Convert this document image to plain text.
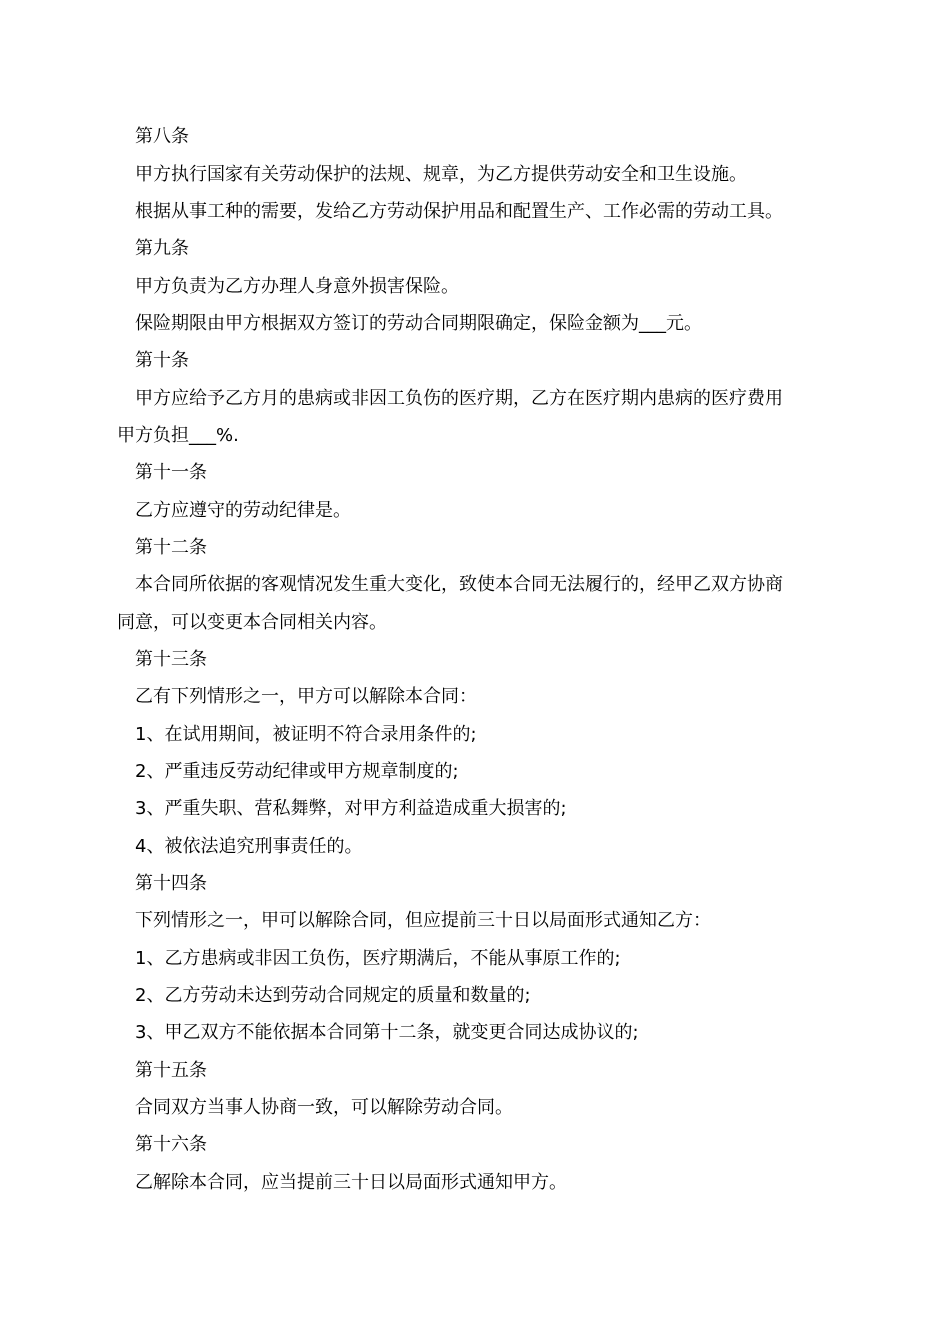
第八条
甲方执行国家有关劳动保护的法规、规章，为乙方提供劳动安全和卫生设施。
根据从事工种的需要，发给乙方劳动保护用品和配置生产、工作必需的劳动工具。
第九条
甲方负责为乙方办理人身意外损害保险。
保险期限由甲方根据双方签订的劳动合同期限确定，保险金额为___元。
第十条
甲方应给予乙方月的患病或非因工负伤的医疗期，乙方在医疗期内患病的医疗费用
甲方负担___%.
第十一条
乙方应遵守的劳动纪律是。
第十二条
本合同所依据的客观情况发生重大变化，致使本合同无法履行的，经甲乙双方协商
同意，可以变更本合同相关内容。
第十三条
乙有下列情形之一，甲方可以解除本合同：
1、在试用期间，被证明不符合录用条件的;
2、严重违反劳动纪律或甲方规章制度的;
3、严重失职、营私舞弊，对甲方利益造成重大损害的;
4、被依法追究刑事责任的。
第十四条
下列情形之一，甲可以解除合同，但应提前三十日以局面形式通知乙方：
1、乙方患病或非因工负伤，医疗期满后，不能从事原工作的;
2、乙方劳动未达到劳动合同规定的质量和数量的;
3、甲乙双方不能依据本合同第十二条，就变更合同达成协议的;
第十五条
合同双方当事人协商一致，可以解除劳动合同。
第十六条
乙解除本合同，应当提前三十日以局面形式通知甲方。
